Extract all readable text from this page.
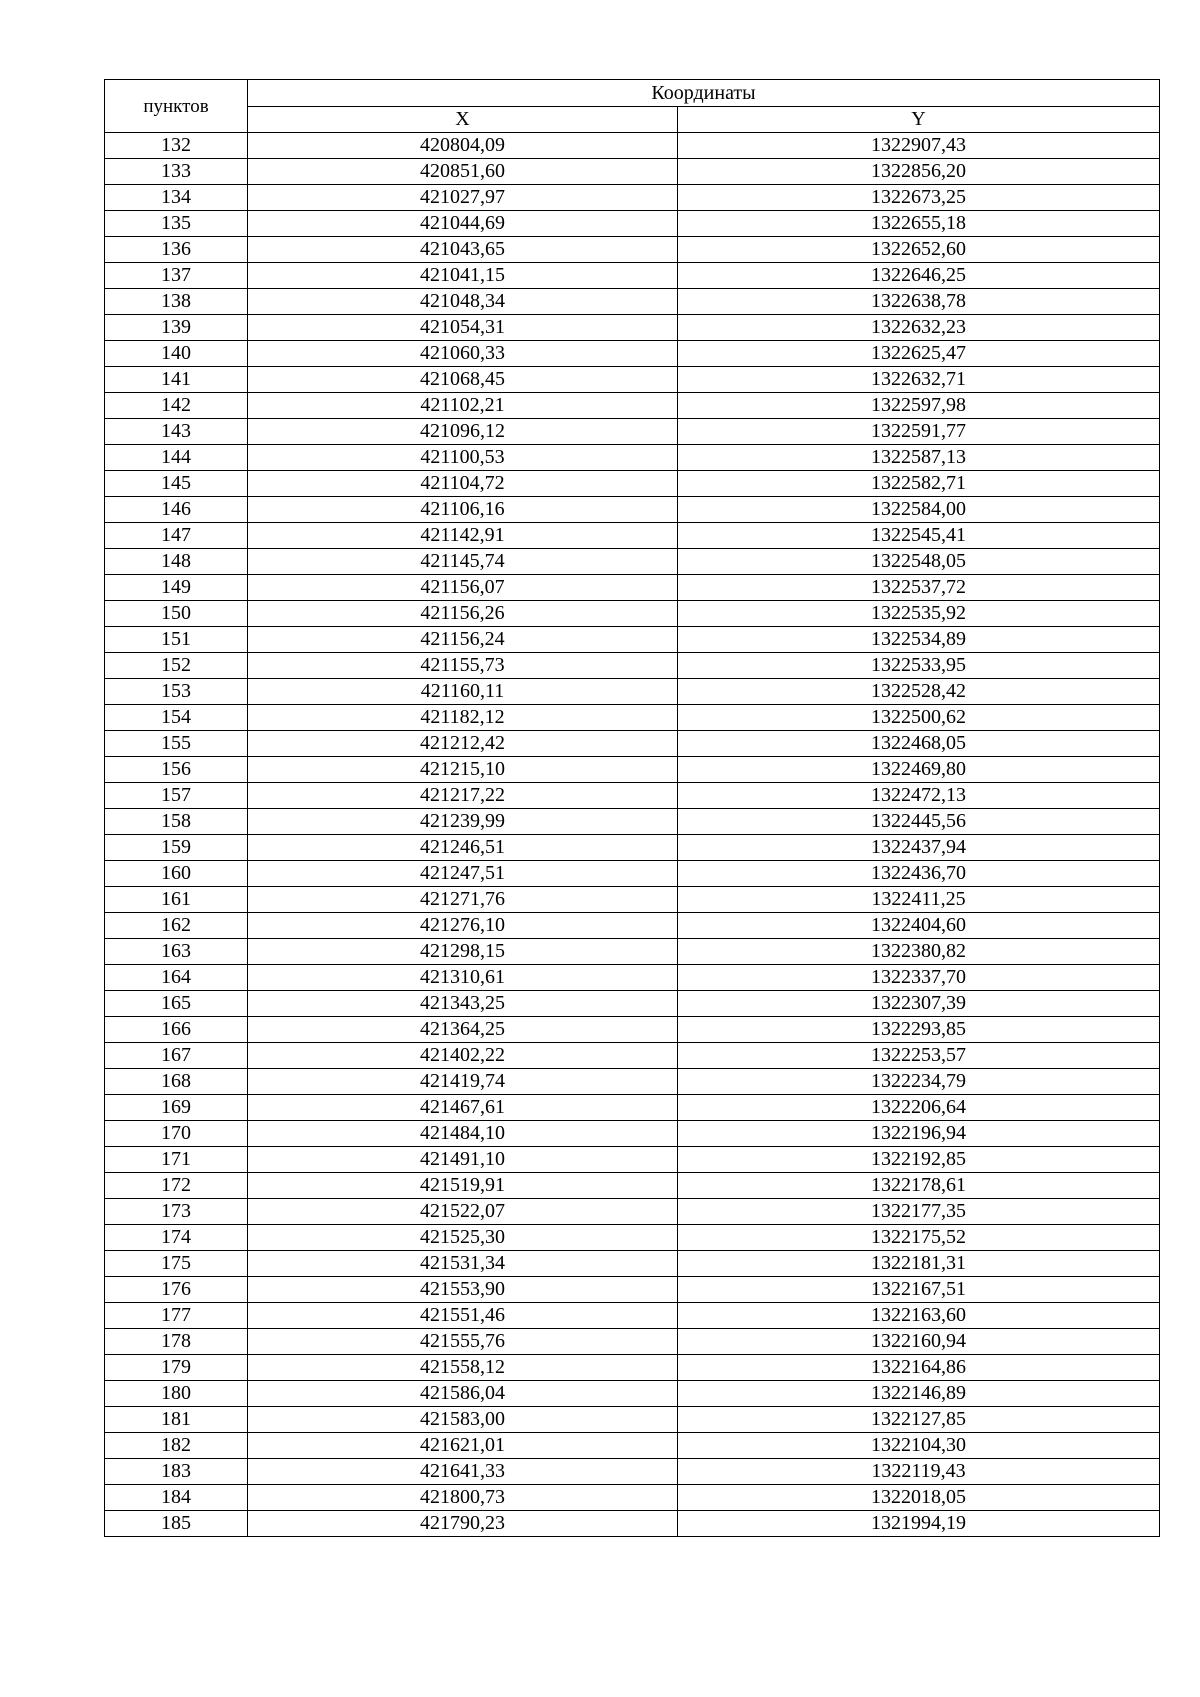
пунктов	Координаты	
	X	Y
132	420804,09	1322907,43
133	420851,60	1322856,20
134	421027,97	1322673,25
135	421044,69	1322655,18
136	421043,65	1322652,60
137	421041,15	1322646,25
138	421048,34	1322638,78
139	421054,31	1322632,23
140	421060,33	1322625,47
141	421068,45	1322632,71
142	421102,21	1322597,98
143	421096,12	1322591,77
144	421100,53	1322587,13
145	421104,72	1322582,71
146	421106,16	1322584,00
147	421142,91	1322545,41
148	421145,74	1322548,05
149	421156,07	1322537,72
150	421156,26	1322535,92
151	421156,24	1322534,89
152	421155,73	1322533,95
153	421160,11	1322528,42
154	421182,12	1322500,62
155	421212,42	1322468,05
156	421215,10	1322469,80
157	421217,22	1322472,13
158	421239,99	1322445,56
159	421246,51	1322437,94
160	421247,51	1322436,70
161	421271,76	1322411,25
162	421276,10	1322404,60
163	421298,15	1322380,82
164	421310,61	1322337,70
165	421343,25	1322307,39
166	421364,25	1322293,85
167	421402,22	1322253,57
168	421419,74	1322234,79
169	421467,61	1322206,64
170	421484,10	1322196,94
171	421491,10	1322192,85
172	421519,91	1322178,61
173	421522,07	1322177,35
174	421525,30	1322175,52
175	421531,34	1322181,31
176	421553,90	1322167,51
177	421551,46	1322163,60
178	421555,76	1322160,94
179	421558,12	1322164,86
180	421586,04	1322146,89
181	421583,00	1322127,85
182	421621,01	1322104,30
183	421641,33	1322119,43
184	421800,73	1322018,05
185	421790,23	1321994,19
